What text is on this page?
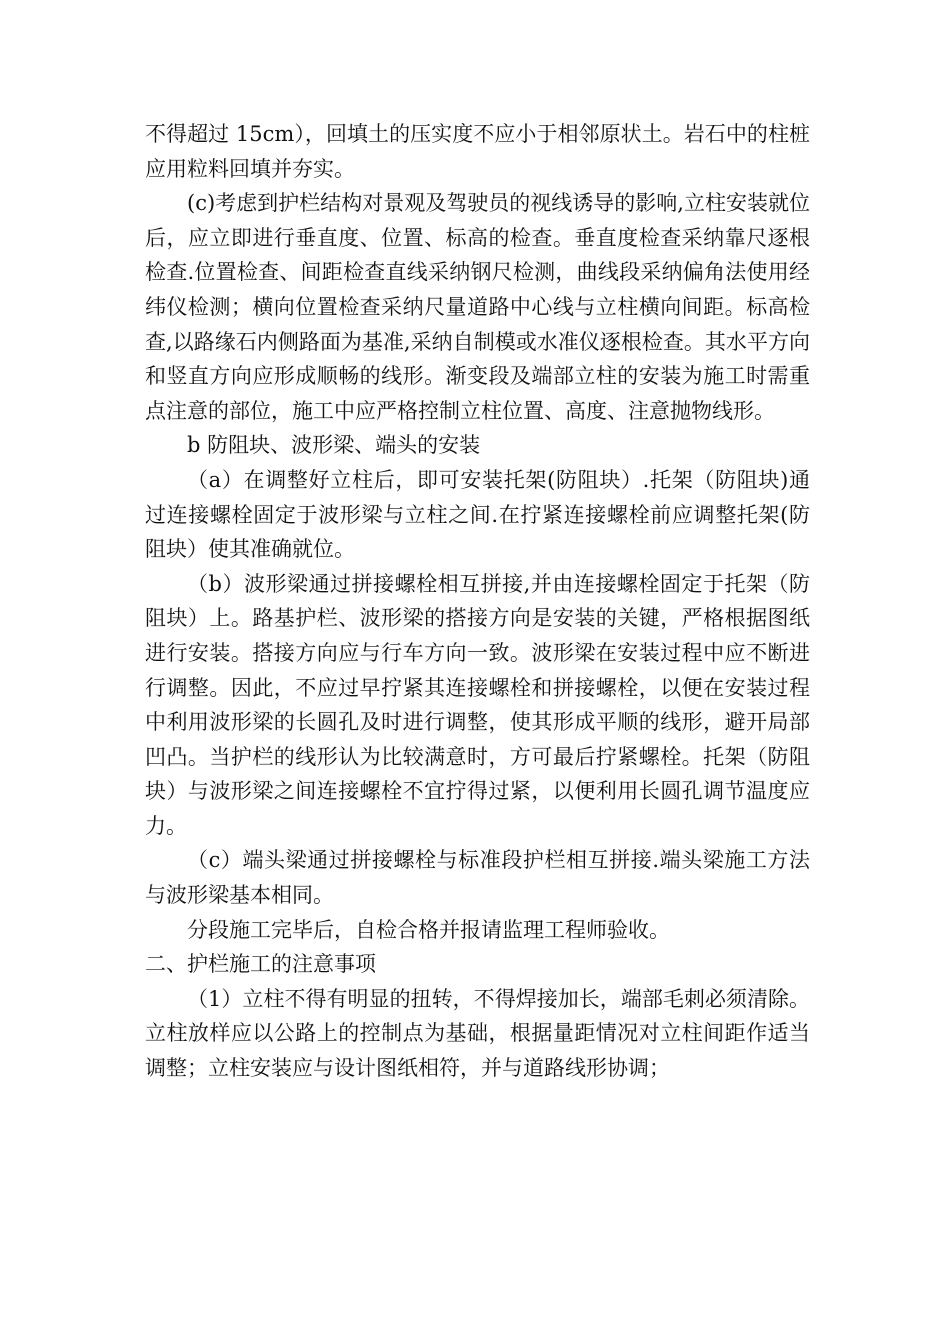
不得超过 15cm），回填土的压实度不应小于相邻原状土。岩石中的柱桩应用粒料回填并夯实。

(c)考虑到护栏结构对景观及驾驶员的视线诱导的影响,立柱安装就位后，应立即进行垂直度、位置、标高的检查。垂直度检查采纳靠尺逐根检查.位置检查、间距检查直线采纳钢尺检测，曲线段采纳偏角法使用经纬仪检测；横向位置检查采纳尺量道路中心线与立柱横向间距。标高检查,以路缘石内侧路面为基准,采纳自制模或水准仪逐根检查。其水平方向和竖直方向应形成顺畅的线形。渐变段及端部立柱的安装为施工时需重点注意的部位，施工中应严格控制立柱位置、高度、注意抛物线形。

b 防阻块、波形梁、端头的安装

（a）在调整好立柱后，即可安装托架(防阻块）.托架（防阻块)通过连接螺栓固定于波形梁与立柱之间.在拧紧连接螺栓前应调整托架(防阻块）使其准确就位。

（b）波形梁通过拼接螺栓相互拼接,并由连接螺栓固定于托架（防阻块）上。路基护栏、波形梁的搭接方向是安装的关键，严格根据图纸进行安装。搭接方向应与行车方向一致。波形梁在安装过程中应不断进行调整。因此，不应过早拧紧其连接螺栓和拼接螺栓，以便在安装过程中利用波形梁的长圆孔及时进行调整，使其形成平顺的线形，避开局部凹凸。当护栏的线形认为比较满意时，方可最后拧紧螺栓。托架（防阻块）与波形梁之间连接螺栓不宜拧得过紧，以便利用长圆孔调节温度应力。

（c）端头梁通过拼接螺栓与标准段护栏相互拼接.端头梁施工方法与波形梁基本相同。

分段施工完毕后，自检合格并报请监理工程师验收。

二、护栏施工的注意事项

（1）立柱不得有明显的扭转，不得焊接加长，端部毛刺必须清除。立柱放样应以公路上的控制点为基础，根据量距情况对立柱间距作适当调整；立柱安装应与设计图纸相符，并与道路线形协调；
